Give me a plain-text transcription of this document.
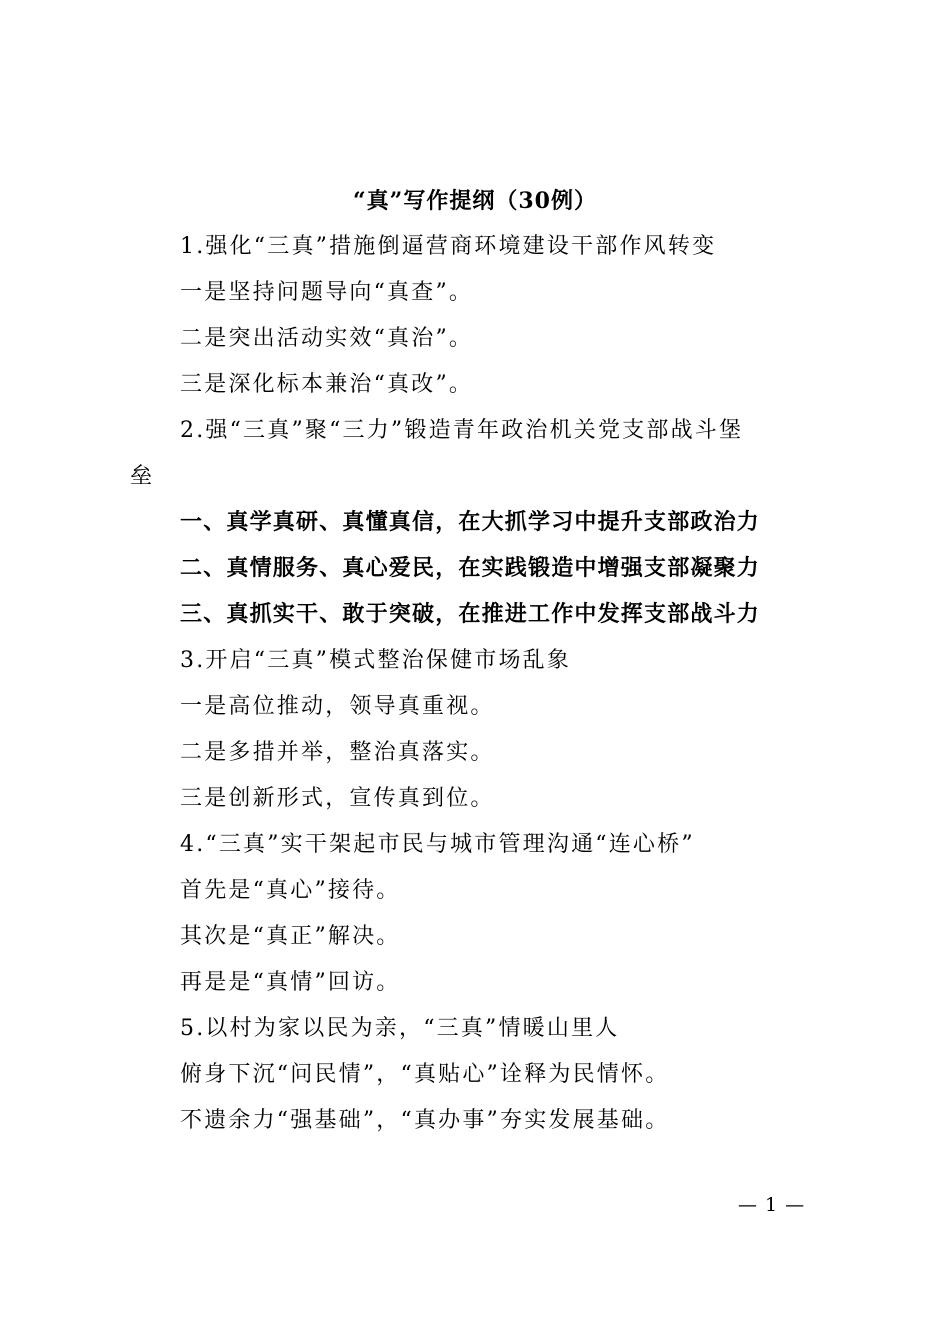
“真”写作提纲（30例）
1.强化“三真”措施倒逼营商环境建设干部作风转变
一是坚持问题导向“真查”。
二是突出活动实效“真治”。
三是深化标本兼治“真改”。
2.强“三真”聚“三力”锻造青年政治机关党支部战斗堡
垒
一、真学真研、真懂真信，在大抓学习中提升支部政治力
二、真情服务、真心爱民，在实践锻造中增强支部凝聚力
三、真抓实干、敢于突破，在推进工作中发挥支部战斗力
3.开启“三真”模式整治保健市场乱象
一是高位推动，领导真重视。
二是多措并举，整治真落实。
三是创新形式，宣传真到位。
4.“三真”实干架起市民与城市管理沟通“连心桥”
首先是“真心”接待。
其次是“真正”解决。
再是是“真情”回访。
5.以村为家以民为亲，“三真”情暖山里人
俯身下沉“问民情”，“真贴心”诠释为民情怀。
不遗余力“强基础”，“真办事”夯实发展基础。
— 1 —
